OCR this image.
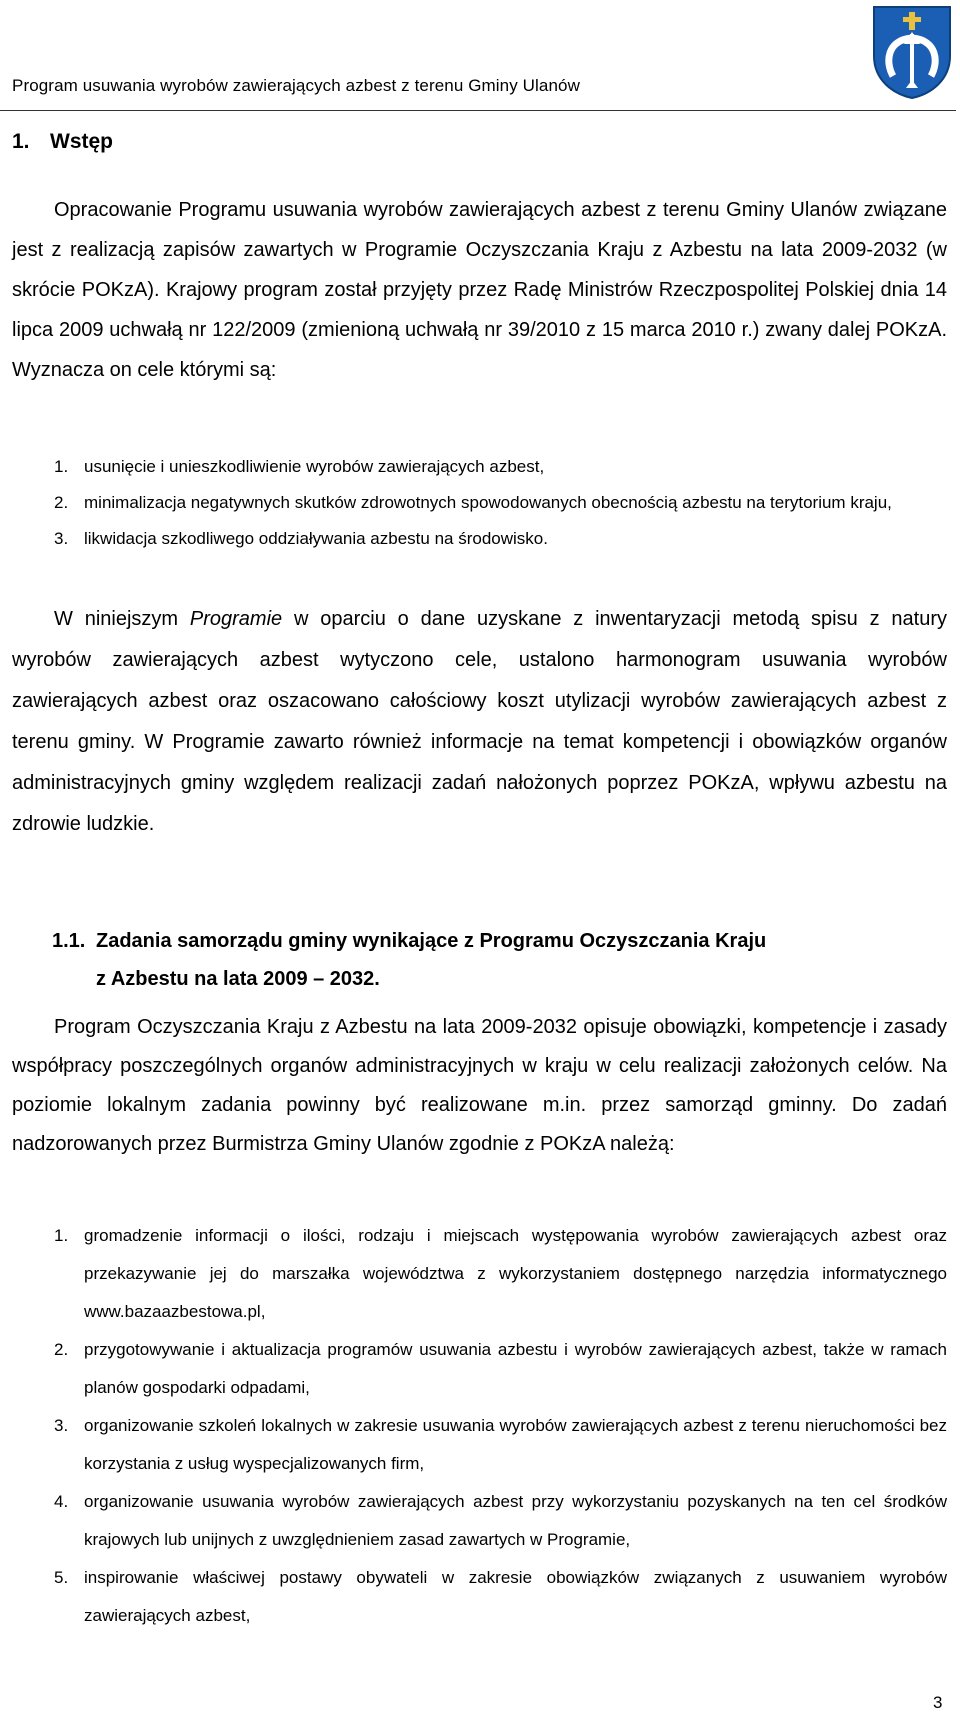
Program usuwania wyrobów zawierających azbest z terenu Gminy Ulanów
1. Wstęp
Opracowanie Programu usuwania wyrobów zawierających azbest z terenu Gminy Ulanów związane jest z realizacją zapisów zawartych w Programie Oczyszczania Kraju z Azbestu na lata 2009-2032 (w skrócie POKzA). Krajowy program został przyjęty przez Radę Ministrów Rzeczpospolitej Polskiej dnia 14 lipca 2009 uchwałą nr 122/2009 (zmienioną uchwałą nr 39/2010 z 15 marca 2010 r.) zwany dalej POKzA. Wyznacza on cele którymi są:
1. usunięcie i unieszkodliwienie wyrobów zawierających azbest,
2. minimalizacja negatywnych skutków zdrowotnych spowodowanych obecnością azbestu na terytorium kraju,
3. likwidacja szkodliwego oddziaływania azbestu na środowisko.
W niniejszym Programie w oparciu o dane uzyskane z inwentaryzacji metodą spisu z natury wyrobów zawierających azbest wytyczono cele, ustalono harmonogram usuwania wyrobów zawierających azbest oraz oszacowano całościowy koszt utylizacji wyrobów zawierających azbest z terenu gminy. W Programie zawarto również informacje na temat kompetencji i obowiązków organów administracyjnych gminy względem realizacji zadań nałożonych poprzez POKzA, wpływu azbestu na zdrowie ludzkie.
1.1. Zadania samorządu gminy wynikające z Programu Oczyszczania Kraju
z Azbestu na lata 2009 – 2032.
Program Oczyszczania Kraju z Azbestu na lata 2009-2032 opisuje obowiązki, kompetencje i zasady współpracy poszczególnych organów administracyjnych w kraju w celu realizacji założonych celów. Na poziomie lokalnym zadania powinny być realizowane m.in. przez samorząd gminny. Do zadań nadzorowanych przez Burmistrza Gminy Ulanów zgodnie z POKzA należą:
1. gromadzenie informacji o ilości, rodzaju i miejscach występowania wyrobów zawierających azbest oraz przekazywanie jej do marszałka województwa z wykorzystaniem dostępnego narzędzia informatycznego www.bazaazbestowa.pl,
2. przygotowywanie i aktualizacja programów usuwania azbestu i wyrobów zawierających azbest, także w ramach planów gospodarki odpadami,
3. organizowanie szkoleń lokalnych w zakresie usuwania wyrobów zawierających azbest z terenu nieruchomości bez korzystania z usług wyspecjalizowanych firm,
4. organizowanie usuwania wyrobów zawierających azbest przy wykorzystaniu pozyskanych na ten cel środków krajowych lub unijnych z uwzględnieniem zasad zawartych w Programie,
5. inspirowanie właściwej postawy obywateli w zakresie obowiązków związanych z usuwaniem wyrobów zawierających azbest,
3
